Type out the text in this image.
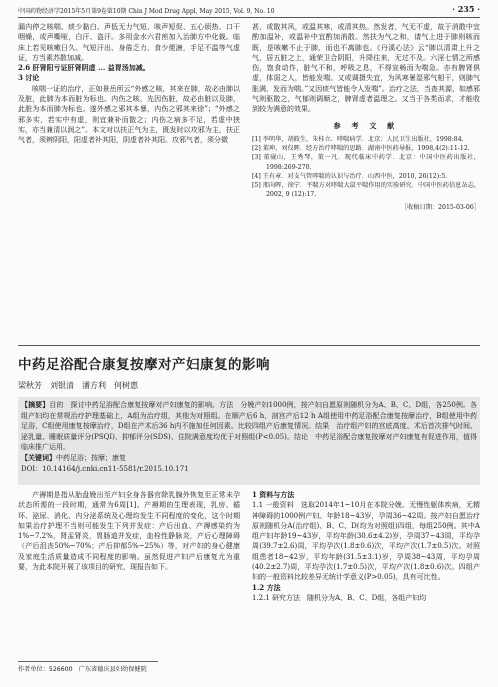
中国药物经济学2015年5月第9卷第10期 Chin J Mod Drug Appl, May 2015, Vol. 9, No. 10	· 235 ·

漏内停之咳喘、痰少黏白、声低无力气短、咳声短促、五心烦热、口干咽燥，或声嘶哑，白汗、盗汗。多用金水六君煎加入治肺方中化裁。临床上若见咳嗽日久、气短汗出、身倦乏力、食少便溏，手足不温等气虚证，方当素苏散加减。

2.6 肝肾阳亏证肝肾阴虚 ... 益胃汤加减。

3 讨论

咳喘一证的治疗，正如景岳所云“外感之咳，其来在肺，故必由肺以及脏，此肺为本而脏为标也。内伤之咳，先因伤脏，故必由脏以及肺，此脏为本而肺为标也。遂外感之邪其本暴，内伤之邪其来徐”；“外感之邪多实，若实中有虚，则宜兼补而散之；内伤之病多不足，若虚中挟实，亦当兼清以润之”。本文对以扶正气为主，既发时以攻邪为主，扶正气者，须辨阴阳，阳虚者补其阳，阴虚者补其阳。攻邪气者，须分微

甚，或散其风，或温其寒，或清其热。然发者，气无不虚，故于消散中宜酌加温补，或温补中宜酌加消散。然扶为气之和，请气上进于肺则咳而既，是咳嗽不止于肺，而也不离肺也。《丹溪心法》云“肺以清肃上升之气，居五脏之上，通荣卫合阴阳，升降往来，无过不及。六淫七情之所感伤，饱食动作，脏气不和，呼吸之息，不得宣畅而为喘急。亦有脾肾俱虚，体弱之人，皆能发喘。又或调摄失宜，为风寒暑湿邪气相干，则肺气胀满，发而为喘。”又因痰气皆能令人发喘”。治疗之法，当查其源，如感邪气则驱散之，气郁则调顺之，脾肾虚者温理之。又当于各类而求，才能收到较为满意的效果。

参 考 文 献
[1] 李明华，胡筱生，朱桂立．哮喘病学．北京：人民卫生出版社，1998:84.
[2] 董坤，刘仅晖．经方治疗哮喘的思路．湖南中医药导报，1998,4(2):11-12.
[3] 董砚山，王秀琴，董一凡．现代临床中药学．北京：中国中医药出版社，1998:269-270.
[4] 王有章．对支气管哮喘的认识与治疗．山西中医，2010, 26(12):5.
[5] 邢向晖，徐宁．平喘方对哮喘大鼠平喘作用的实验研究．中国中医药信息杂志，2002, 9 (12):17.
［收稿日期：2015-03-06］
中药足浴配合康复按摩对产妇康复的影响
梁秋芳　刘银清　潘方利　何树惠
【摘要】目的　探讨中药足浴配合康复按摩对产妇康复的影响。方法　分娩产妇1000例，按产妇自愿原则随机分为A、B、C、D组，各250例。各组产妇均在常规治疗护理基础上，A组为治疗组，其他为对照组。在顺产后6 h，剖宫产后12 h A组使用中药足浴配合康复按摩治疗，B组使用中药足浴，C组使用康复按摩治疗，D组在产术后36 h内不施加任何因素。比较四组产后康复情况。结果　治疗组产妇的宫底高度、术后首次排气时间、泌乳量、睡眠质量评分(PSQI)、抑郁评分(SDS)、住院满意度均优于对照组(P<0.05)。结论　中药足浴配合康复按摩对产妇康复有促进作用，值得临床推广运用。
【关键词】中药足浴；按摩；康复
DOI：10.14164/j.cnki.cn11-5581/r.2015.10.171

产褥期是指从胎盘娩出至产妇全身各器官除乳腺外恢复至正常未孕状态所需的一段时期，通常为6周[1]。产褥期的生理表现，乳房、循环、泌尿、消化、内分泌系统及心理均发生不同程度的变化，这个时期如果治疗护理不当则可能发生下列并发症：产后出血、产褥感染约为1%~7.2%，肾盂肾炎，胃肠道并发症，血栓性静脉炎，产后心理障碍（产后沮丧50%~70%；产后抑郁5%~25%）等，对产妇的身心健康及家庭生活质量造成不同程度的影响。虽然促进产妇产后康复尤为重要，为此本院开展了该项目的研究，现报告如下。

1 资料与方法

1.1 一般资料　选取2014年1~10月在本院分娩、无慢性躯体疾病，无精神障碍的1000例产妇。年龄18~43岁，孕周36~42周。按产妇自愿治疗原则随机分A(治疗组)、B、C、D(均为对照组)四组，每组250例。其中A组产妇年龄19~43岁，平均年龄(30.6±4.2)岁，孕周37~43周，平均孕周(39.7±2.6)周，平均孕次(1.8±0.6)次，平均产次(1.7±0.5)次。对照组患者18~42岁，平均年龄(31.5±3.1)岁，孕周38~43周，平均孕周(40.2±2.7)周，平均孕次(1.7±0.5)次，平均产次(1.8±0.6)次。四组产妇的一般资料比较差异无统计学意义(P>0.05)，具有可比性。

1.2 方法

1.2.1 研究方法　随机分为A、B、C、D组，各组产妇均

作者单位：526600　广东省德庆县妇幼保健院
